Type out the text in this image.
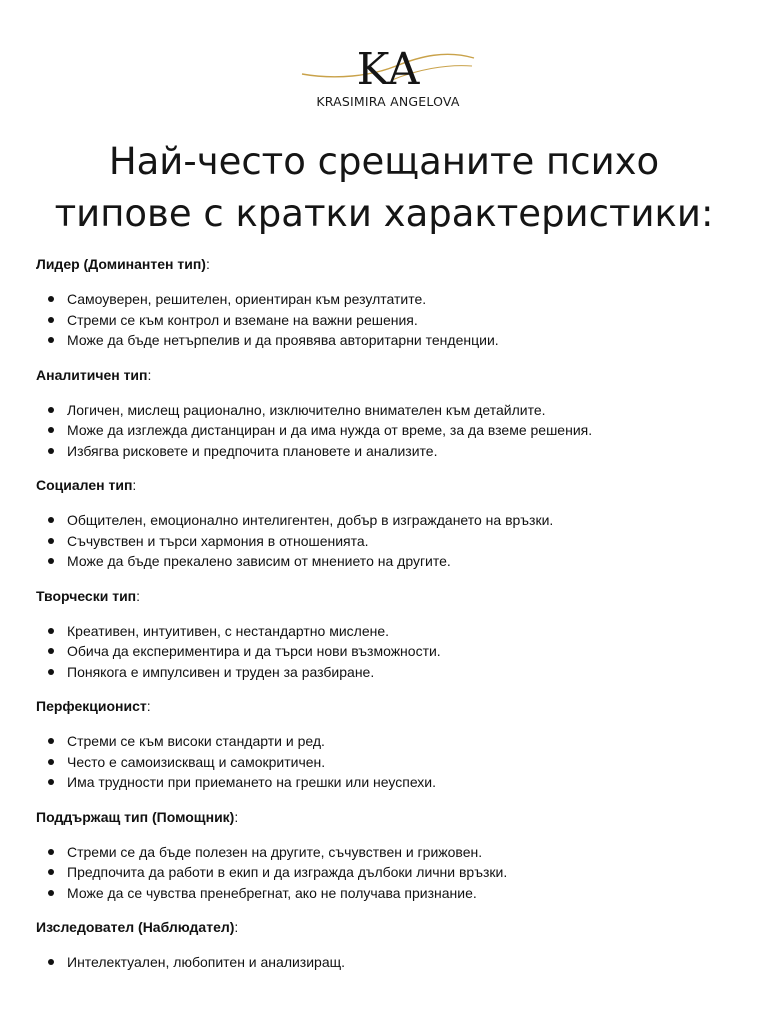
KA
KRASIMIRA ANGELOVA
Най-често срещаните психо
типове с кратки характеристики:

Лидер (Доминантен тип):

Самоуверен, решителен, ориентиран към резултатите.
Стреми се към контрол и вземане на важни решения.
Може да бъде нетърпелив и да проявява авторитарни тенденции.

Аналитичен тип:

Логичен, мислещ рационално, изключително внимателен към детайлите.
Може да изглежда дистанциран и да има нужда от време, за да вземе решения.
Избягва рисковете и предпочита плановете и анализите.

Социален тип:

Общителен, емоционално интелигентен, добър в изграждането на връзки.
Съчувствен и търси хармония в отношенията.
Може да бъде прекалено зависим от мнението на другите.

Творчески тип:

Креативен, интуитивен, с нестандартно мислене.
Обича да експериментира и да търси нови възможности.
Понякога е импулсивен и труден за разбиране.

Перфекционист:

Стреми се към високи стандарти и ред.
Често е самоизискващ и самокритичен.
Има трудности при приемането на грешки или неуспехи.

Поддържащ тип (Помощник):

Стреми се да бъде полезен на другите, съчувствен и грижовен.
Предпочита да работи в екип и да изгражда дълбоки лични връзки.
Може да се чувства пренебрегнат, ако не получава признание.

Изследовател (Наблюдател):

Интелектуален, любопитен и анализиращ.
